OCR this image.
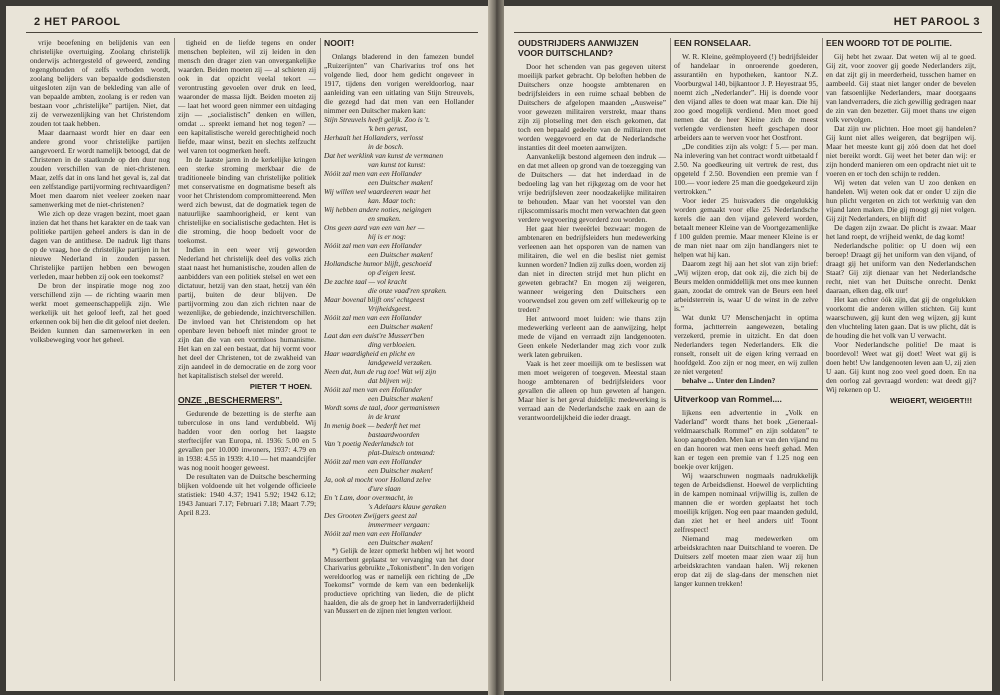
2 HET PAROOL

vrije beoefening en belijdenis van een christelijke overtuiging. Zoolang christelijk onderwijs achtergesteld of geweerd, zending tegengehouden of zelfs verboden wordt, zoolang belijders van bepaalde godsdiensten uitgesloten zijn van de bekleding van alle of van bepaalde ambten, zoolang is er reden van bestaan voor „christelijke” partijen. Niet, dat zij de verwezenlijking van het Christendom zouden tot taak hebben.

Maar daarnaast wordt hier en daar een andere grond voor christelijke partijen aangevoerd. Er wordt namelijk betoogd, dat de Christenen in de staatkunde op den duur nog zouden verschillen van de niet-christenen. Maar, zelfs dat in ons land het geval is, zal dat een zelfstandige partijvorming rechtvaardigen? Moet men daarom niet veeleer zoeken naar samenwerking met de niet-christenen?

Wie zich op deze vragen bezint, moet gaan inzien dat het thans het karakter en de taak van politieke partijen geheel anders is dan in de dagen van de antithese. De nadruk ligt thans op de vraag, hoe de christelijke partijen in het nieuwe Nederland in zouden passen. Christelijke partijen hebben een bewogen verleden, maar hebben zij ook een toekomst?

De bron der inspiratie moge nog zoo verschillend zijn — de richting waarin men werkt moet gemeenschappelijk zijn. Wie werkelijk uit het geloof leeft, zal het goed erkennen ook bij hen die dit geloof niet deelen. Beiden kunnen dan samenwerken in een volksbeweging voor het geheel.

tigheid en de liefde tegens en onder menschen bepleiten, wil zij leiden in den mensch den drager zien van onvergankelijke waarden. Beiden moeten zij — al schieten zij ook in dat opzicht veelal tekort — verontrusting gevoelen over druk en leed, waaronder de massa lijdt. Beiden moeten zij — laat het woord geen nimmer een uitdaging zijn — „socialistisch” denken en willen, omdat ... spreekt iemand het nog tegen? — een kapitalistische wereld gerechtigheid noch liefde, maar winst, bezit en slechts zelfzucht wel varen tot oogmerken heeft.

In de laatste jaren in de kerkelijke kringen een sterke stroming merkbaar die de traditioneele binding van christelijke politiek met conservatisme en dogmatisme beseft als voor het Christendom compromitteerend. Men werd zich bewust, dat de dogmatiek tegen de natuurlijke saamhoorigheid, er kent van christelijke en socialistische gedachten. Het is die stroming, die hoop bedoelt voor de toekomst.

Indien in een weer vrij geworden Nederland het christelijk deel des volks zich staat naast het humanistische, zouden allen de aanbidders van een politiek stelsel en wet een dictatuur, hetzij van den staat, hetzij van één partij, buiten de deur blijven. De partijvorming zou dan zich richten naar de wezenlijke, de gebiedende, inzichtverschillen. De invloed van het Christendom op het openbare leven behoeft niet minder groot te zijn dan die van een vormloos humanisme. Het kan en zal een bestaat, dat hij vormt voor het deel der Christenen, tot de zwakheid van zijn aandeel in de democratie en de zorg voor het kapitalistisch stelsel der wereld.

PIETER 'T HOEN.
ONZE „BESCHERMERS”.

Gedurende de bezetting is de sterfte aan tuberculose in ons land verdubbeld. Wij hadden voor den oorlog het laagste sterftecijfer van Europa, nl. 1936: 5.00 en 5 gevallen per 10.000 inwoners, 1937: 4.79 en in 1938: 4.55 in 1939: 4.10 — het maandcijfer was nog nooit hooger geweest.

De resultaten van de Duitsche bescherming blijken voldoende uit het volgende officieele statistiek: 1940 4.37; 1941 5.92; 1942 6.12; 1943 Januari 7.17; Februari 7.18; Maart 7.79; April 8.23.

NOOIT!

Onlangs bladerend in den famezen bundel „Ruizerijnten” van Charivarius trof ons het volgende lied, door hem gedicht ongeveer in 1917, tijdens den vorigen wereldoorlog, naar aanleiding van een uitlating van Stijn Streuvels, die gezegd had dat men van een Hollander nimmer een Duitscher maken kan:

Stijn Streuvels heeft gelijk. Zoo is 't.
'k ben gerust,
Herhaalt het Hollanders, verlosst
in de bosch.
Dat het werklink van kunst de vermanen
van kunst tot kunst:
Nóóit zal men van een Hollander
een Duitscher maken!
Wij willen wel waardeeren waar het
kan. Maar toch:
Wij hebben andere noties, neigingen
en smaken.
Ons geen aard van een van her —
hij is er nog:
Nóóit zal men van een Hollander
een Duitscher maken!
Hollandsche humor blijft, geschoeid
op d'eigen leest.
De zachte taal — vol kracht
die onze vaad'ren spraken.
Maar bovenal blijft ons' echtgeest
Vrijheidsgeest.
Nóóit zal men van een Hollander
een Duitscher maken!
Laat dan een duist're Mussert'ben
ding verbloeien.
Haar waardigheid en plicht en
landgeweld verzaken.
Neen dat, hun de rug toe! Wat wij zijn
dat blijven wij:
Nóóit zal men van een Hollander
een Duitscher maken!
Wordt soms de taal, door germanismen
in de krant
In menig boek — bederft het met
bastaardwoorden
Van 't poetig Nederlandsch tot
plat-Duitsch ontmand:
Nóóit zal men van een Hollander
een Duitscher maken!
Ja, ook al mocht voor Holland zelve
d'ure slaan
En 't Lam, door overmacht, in
's Adelaars klauw geraken
Des Grooten Zwijgers geest zal
immermeer vergaan:
Nóóit zal men van een Hollander
een Duitscher maken!

*) Gelijk de lezer opmerkt hebben wij het woord Mussertbent geplaatst ter vervanging van het door Charivarius gebruikte „Tokonistbent”. In den vorigen wereldoorlog was er namelijk een richting de „De Toekomst” vormde de kern van een bedenkelijk productieve oprichting van lieden, die de plicht haalden, die als de groep het in landverraderlijkheid van Mussert en de zijnen niet lengten verloor.

HET PAROOL 3
OUDSTRIJDERS AANWIJZEN VOOR DUITSCHLAND?

Door het schenden van pas gegeven uiterst moeilijk parket gebracht. Op beloften hebben de Duitschers onze hoogste ambtenaren en bedrijfsleiders in een ruime schaal bebben de Duitschers de afgelopen maanden „Ausweise” voor gewezen militairen verstrekt, maar thans zijn zij plotseling met den eisch gekomen, dat toch een bepaald gedeelte van de militairen met worden weggevoerd en dat de Nederlandsche instanties dit deel moeten aanwijzen.

Aanvankelijk bestond algemeen den indruk — en dat met alleen op grond van de toezegging van de Duitschers — dat het inderdaad in de bedoeling lag van het rijkgezag om de voor het vrije bedrijfsleven zeer noodzakelijke militairen te behouden. Maar van het voorstel van den rijkscommissaris mocht men verwachten dat geen verdere wegvoering gevorderd zou worden.

Het gaat hier tweeërlei bezwaar: mogen de ambtenaren en bedrijfsleiders hun medewerking verleenen aan het opsporen van de namen van militairen, die wel en die beslist niet gemist kunnen worden? Indien zij zulks doen, worden zij dan niet in directen strijd met hun plicht en geweten gebracht? En mogen zij weigeren, wanneer weigering den Duitschers een voorwendsel zou geven om zelf willekeurig op te treden?

Het antwoord moet luiden: wie thans zijn medewerking verleent aan de aanwijzing, helpt mede de vijand en verraadt zijn landgenooten. Geen enkele Nederlander mag zich voor zulk werk laten gebruiken.

Vaak is het zeer moeilijk om te beslissen wat men moet weigeren of toegeven. Meestal staan hooge ambtenaren of bedrijfsleiders voor gevallen die alleen op hun geweten af hangen. Maar hier is het geval duidelijk: medewerking is verraad aan de Nederlandsche zaak en aan de verantwoordelijkheid die ieder draagt.

EEN RONSELAAR.

W. R. Kleine, geëmployeerd (!) bedrijfsleider of handelaar in onroerende goederen, assurantiën en hypotheken, kantoor N.Z. Voorburgwal 140, bijkantoor J. P. Heyestraat 95, noemt zich „Nederlander”. Hij is doende voor den vijand alles te doen wat maar kan. Die hij zoo goed mogelijk verdiend. Men moet goed nemen dat de heer Kleine zich de meest verlengde verdiensten heeft geschapen door arbeiders aan te werven voor het Oostfront.

„De condities zijn als volgt: f 5.— per man. Na inlevering van het contract wordt uitbetaald f 2.50. Na goedkeuring uit vertrek de rest, dus opgeteld f 2.50. Bovendien een premie van f 100.— voor iedere 25 man die goedgekeurd zijn vertrokken.”

Voor ieder 25 huisvaders die ongelukkig worden gemaakt voor elke 25 Nederlandsche kerels die aan den vijand geleverd worden, betaalt meneer Kleine van de Voortgezamenlijke f 100 gulden premie. Maar meneer Kleine is er de man niet naar om zijn handlangers niet te helpen wat hij kan.

Daarom zegt hij aan het slot van zijn brief: „Wij wijzen erop, dat ook zij, die zich bij de Beurs melden onmiddellijk met ons mee kunnen gaan, zoodat de omtrek van de Beurs een heel arbeidsterrein is, waar U de winst in de zelve is.”

Wat dunkt U? Menschenjacht in optima forma, jachtterrein aangewezen, betaling verzekerd, premie in uitzicht. En dat doen Nederlanders tegen Nederlanders. Elk die ronselt, ronselt uit de eigen kring verraad en hoofdgeld. Zoo zijn er nog meer, en wij zullen ze niet vergeten!

behalve ... Unter den Linden?

Uitverkoop van Rommel....

lijkens een advertentie in „Volk en Vaderland” wordt thans het boek „Generaal-veldmaarschalk Rommel” en zijn soldaten” te koop aangeboden. Men kan er van den vijand nu en dan hooren wat men eens heeft gehad. Men kan er tegen een premie van f 1.25 nog een boekje over krijgen.

Wij waarschuwen nogmaals nadrukkelijk tegen de Arbeidsdienst. Hoewel de verplichting in de kampen nominaal vrijwillig is, zullen de mannen die er worden geplaatst het toch moeilijk krijgen. Nog een paar maanden geduld, dan ziet het er heel anders uit! Toont zelfrespect!

Niemand mag medewerken om arbeidskrachten naar Duitschland te voeren. De Duitsers zelf moeten maar zien waar zij hun arbeidskrachten vandaan halen. Wij rekenen erop dat zij de slag-dans der menschen niet langer kunnen trekken!

EEN WOORD TOT DE POLITIE.

Gij hebt het zwaar. Dat weten wij al te goed. Gij zit, voor zoover gij goede Nederlanders zijt, en dat zijt gij in meerderheid, tusschen hamer en aambeeld. Gij staat niet langer onder de bevelen van fatsoenlijke Nederlanders, maar doorgaans van landverraders, die zich gewillig gedragen naar de zin van den bezetter. Gij moet thans uw eigen volk vervolgen.

Dat zijn uw plichten. Hoe moet gij handelen? Gij kunt niet alles weigeren, dat begrijpen wij. Maar het meeste kunt gij zóó doen dat het doel niet bereikt wordt. Gij weet het beter dan wij: er zijn honderd manieren om een opdracht niet uit te voeren en er toch den schijn te redden.

Wij weten dat velen van U zoo denken en handelen. Wij weten ook dat er onder U zijn die hun plicht vergeten en zich tot werktuig van den vijand laten maken. Die gij moogt gij niet volgen. Gij zijt Nederlanders, en blijft dit!

De dagen zijn zwaar. De plicht is zwaar. Maar het land roept, de vrijheid wenkt, de dag komt!

Nederlandsche politie: op U doen wij een beroep! Draagt gij het uniform van den vijand, of draagt gij het uniform van den Nederlandschen Staat? Gij zijt dienaar van het Nederlandsche recht, niet van het Duitsche onrecht. Denkt daaraan, elken dag, elk uur!

Het kan echter óók zijn, dat gij de ongelukken voorkomt die anderen willen stichten. Gij kunt waarschuwen, gij kunt den weg wijzen, gij kunt den vluchteling laten gaan. Dat is uw plicht, dát is de houding die het volk van U verwacht.

Voor Nederlandsche politie! De maat is boordevol! Weet wat gij doet! Weet wat gij is doen hebt! Uw landgenooten leven aan U, zij zien U aan. Gij kunt nog zoo veel goed doen. En na den oorlog zal gevraagd worden: wat deedt gij? Wij rekenen op U.

WEIGERT, WEIGERT!!!
